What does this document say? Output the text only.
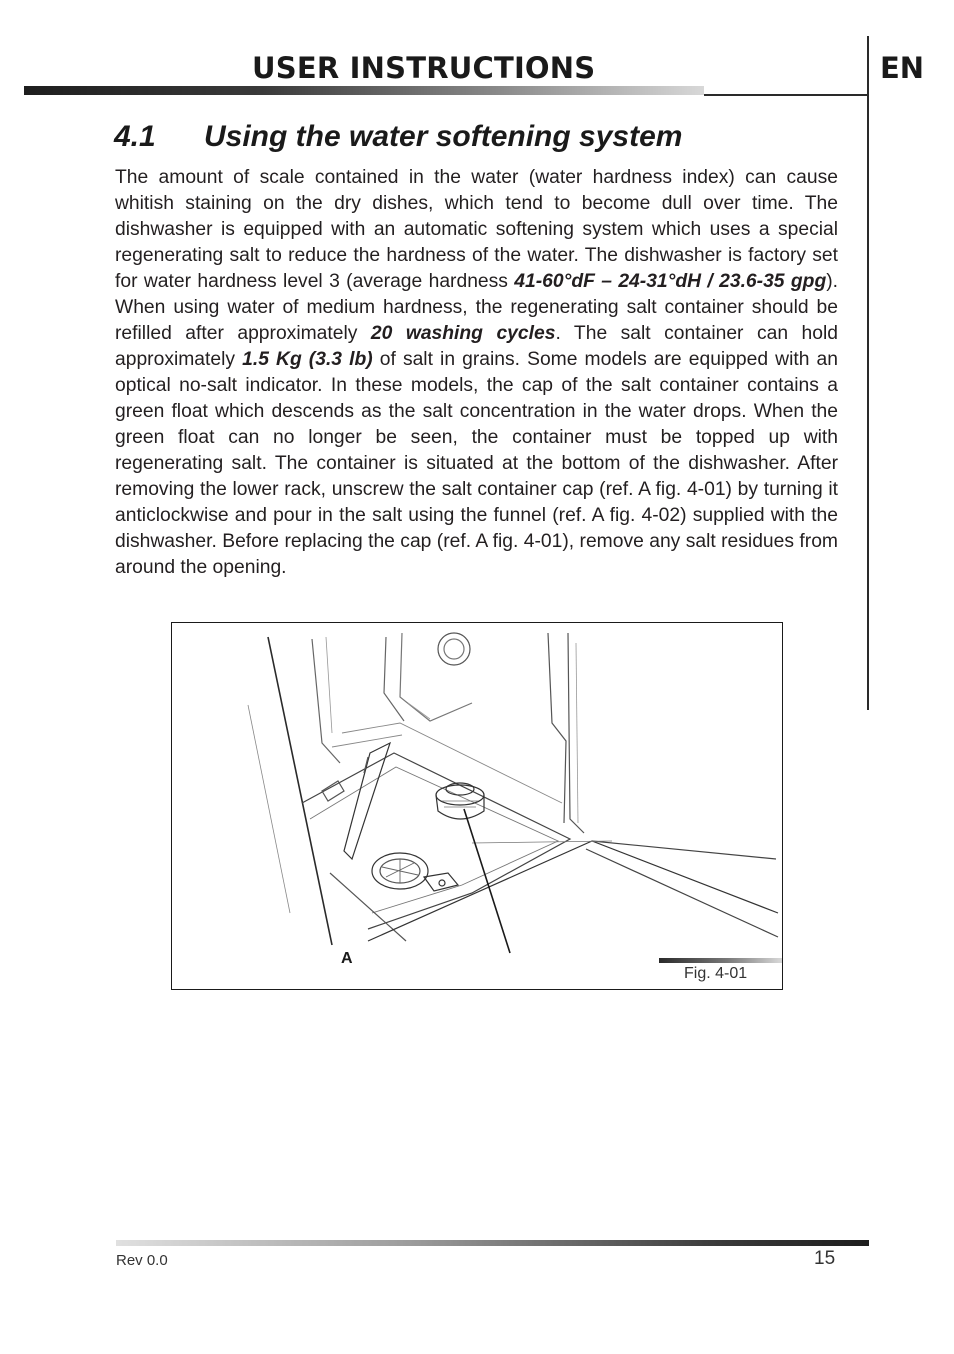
USER INSTRUCTIONS	EN
4.1 Using the water softening system
The amount of scale contained in the water (water hardness index) can cause whitish staining on the dry dishes, which tend to become dull over time. The dishwasher is equipped with an automatic softening system which uses a special regenerating salt to reduce the hardness of the water. The dishwasher is factory set for water hardness level 3 (average hardness 41-60°dF – 24-31°dH / 23.6-35 gpg). When using water of medium hardness, the regenerating salt container should be refilled after approximately 20 washing cycles. The salt container can hold approximately 1.5 Kg (3.3 lb) of salt in grains. Some models are equipped with an optical no-salt indicator. In these models, the cap of the salt container contains a green float which descends as the salt concentration in the water drops. When the green float can no longer be seen, the container must be topped up with regenerating salt. The container is situated at the bottom of the dishwasher. After removing the lower rack, unscrew the salt container cap (ref. A fig. 4-01) by turning it anticlockwise and pour in the salt using the funnel (ref. A fig. 4-02) supplied with the dishwasher. Before replacing the cap (ref. A fig. 4-01), remove any salt residues from around the opening.
Fig. 4-01
A
Rev 0.0	15
